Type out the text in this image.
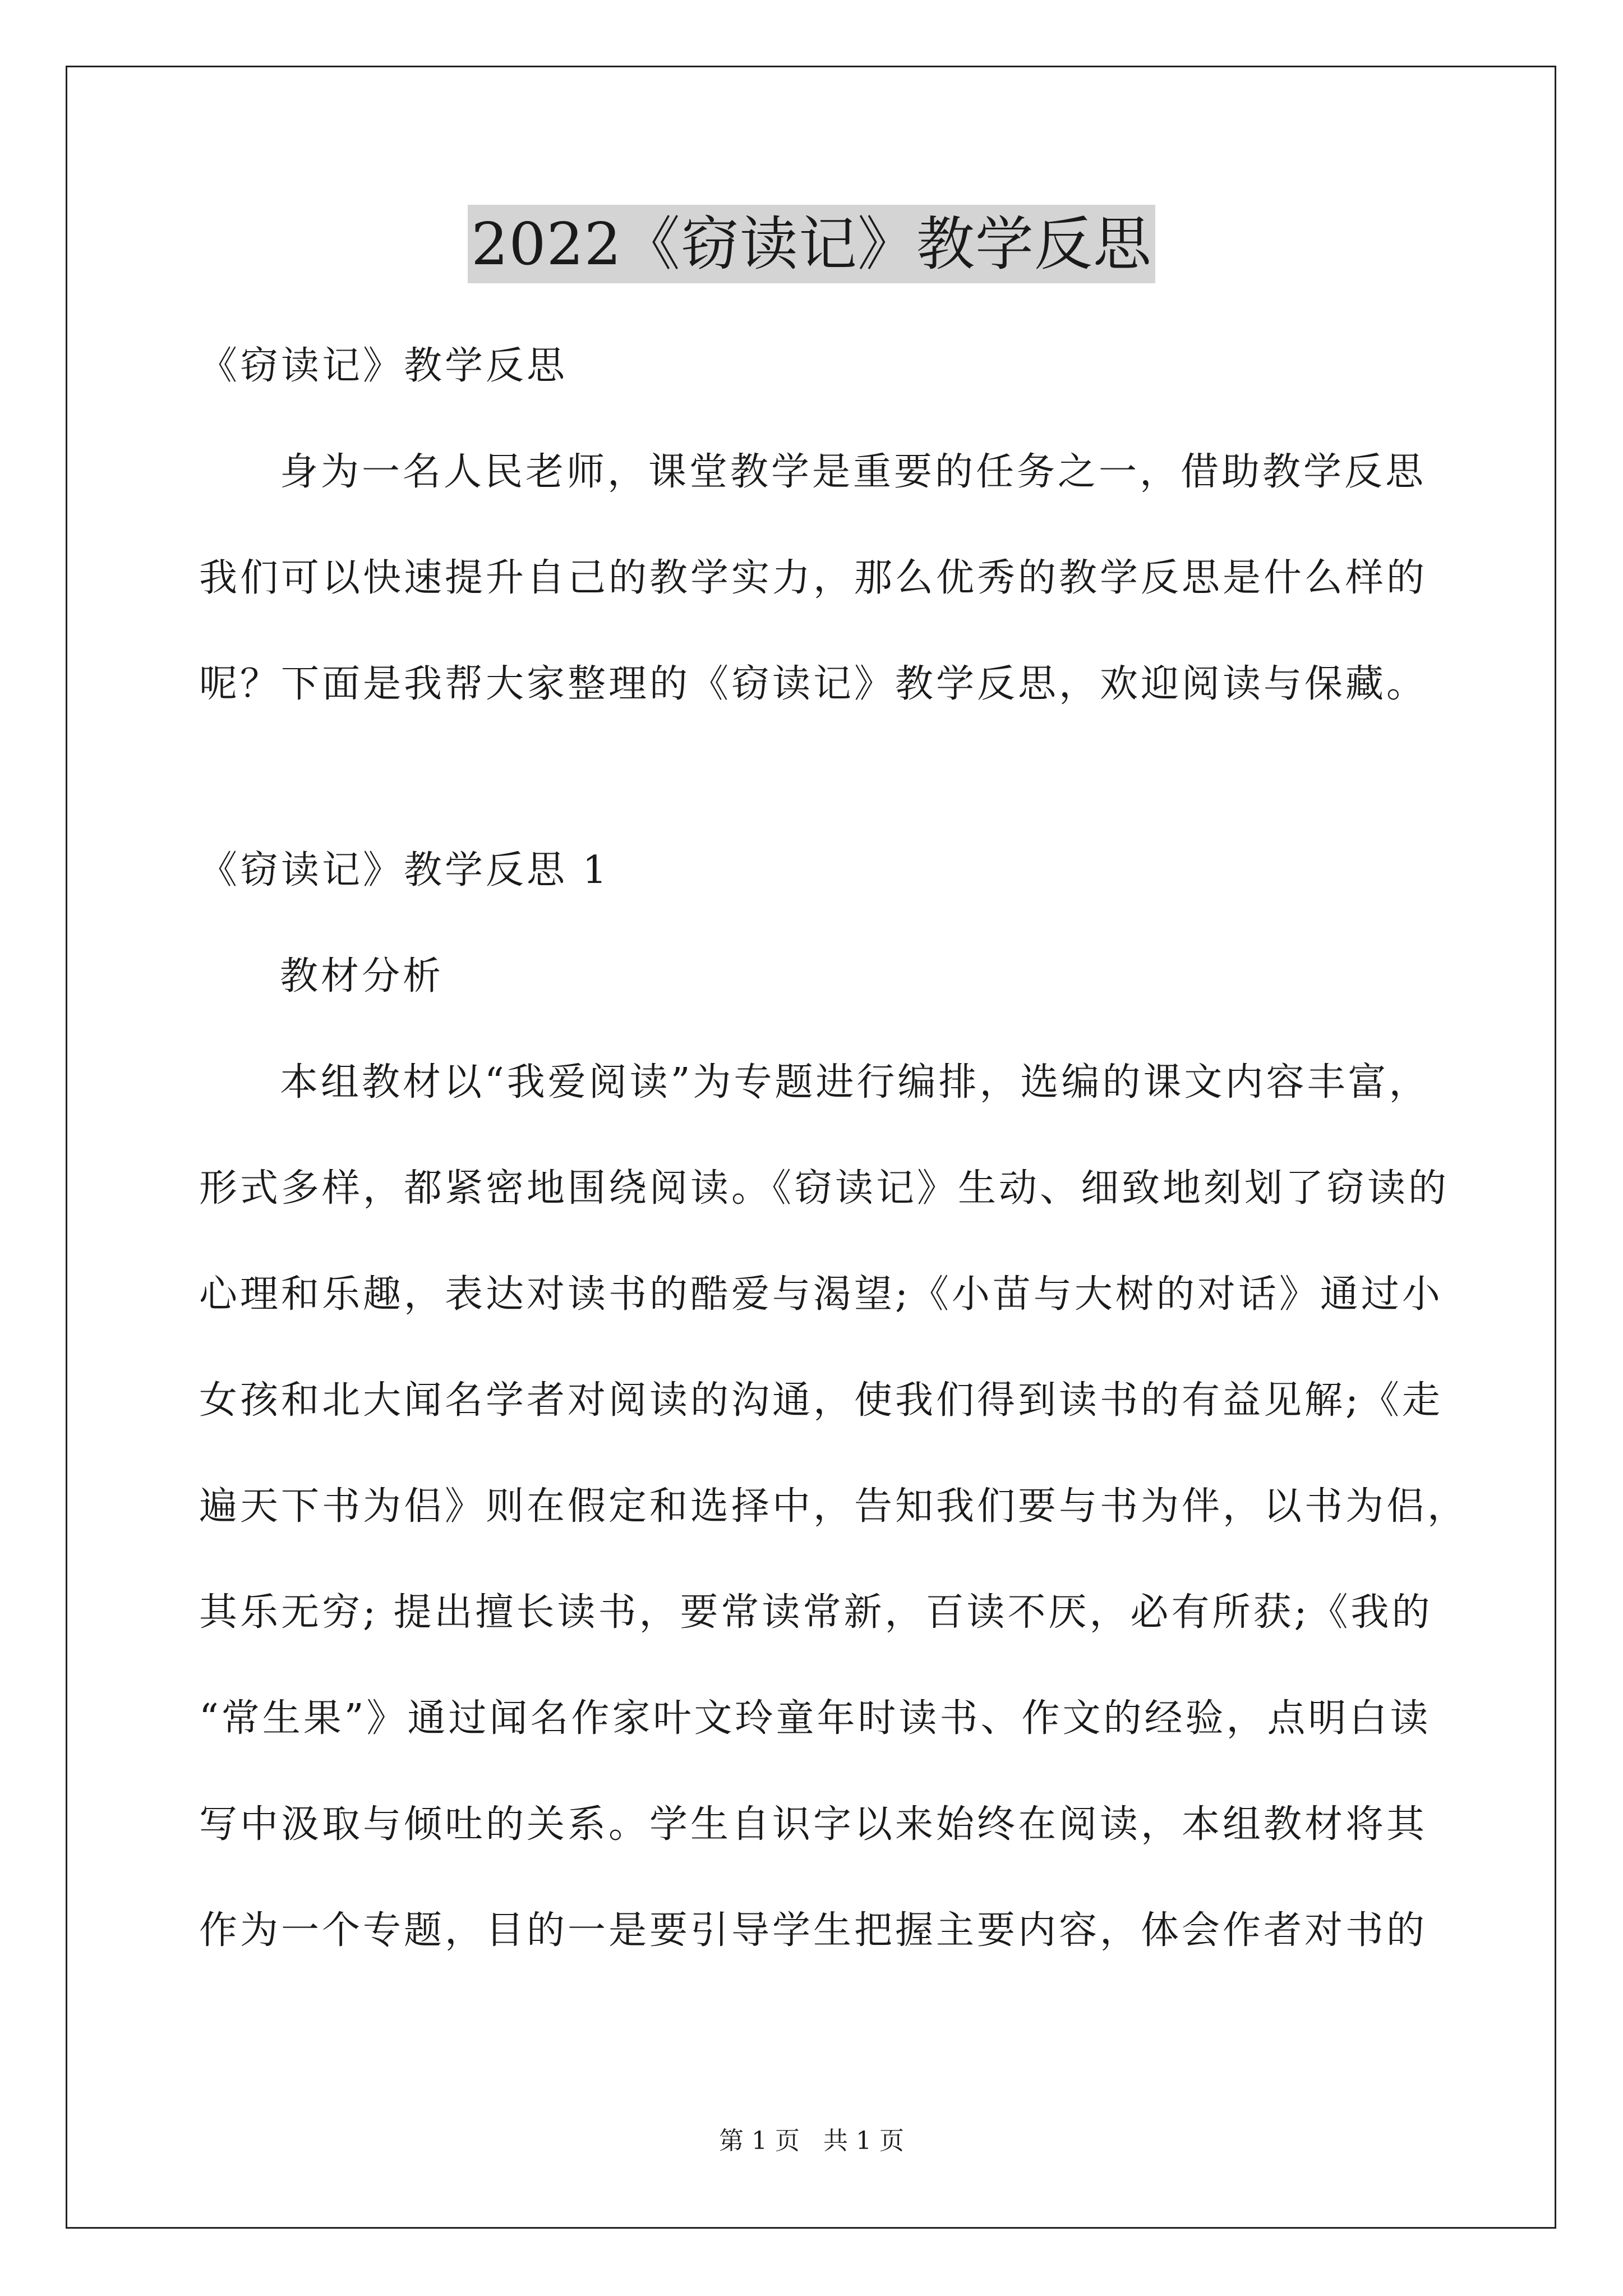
2022《窃读记》教学反思
《窃读记》教学反思
身为一名人民老师，课堂教学是重要的任务之一，借助教学反思
我们可以快速提升自己的教学实力，那么优秀的教学反思是什么样的
呢？下面是我帮大家整理的《窃读记》教学反思，欢迎阅读与保藏。
《窃读记》教学反思 1
教材分析
本组教材以“我爱阅读”为专题进行编排，选编的课文内容丰富，
形式多样，都紧密地围绕阅读。《窃读记》生动、细致地刻划了窃读的
心理和乐趣，表达对读书的酷爱与渴望;《小苗与大树的对话》通过小
女孩和北大闻名学者对阅读的沟通，使我们得到读书的有益见解;《走
遍天下书为侣》则在假定和选择中，告知我们要与书为伴，以书为侣，
其乐无穷; 提出擅长读书，要常读常新，百读不厌，必有所获;《我的
“常生果”》通过闻名作家叶文玲童年时读书、作文的经验，点明白读
写中汲取与倾吐的关系。学生自识字以来始终在阅读，本组教材将其
作为一个专题，目的一是要引导学生把握主要内容，体会作者对书的
第 1 页   共 1 页
